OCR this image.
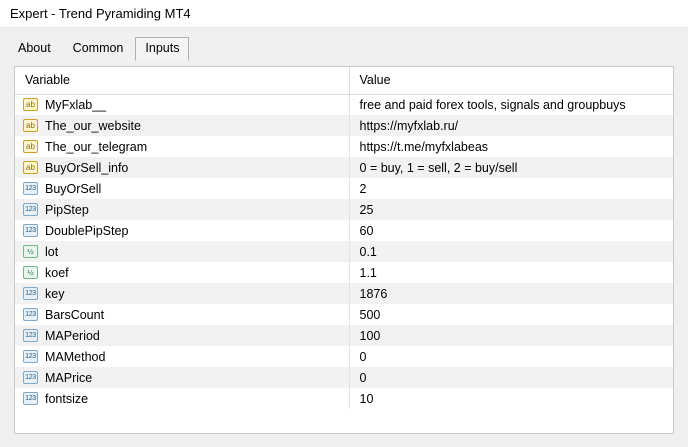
Expert - Trend Pyramiding MT4
About	Common	Inputs
Variable	Value

ab MyFxlab__	free and paid forex tools, signals and groupbuys

ab The_our_website	https://myfxlab.ru/

ab The_our_telegram	https://t.me/myfxlabeas

ab BuyOrSell_info	0 = buy, 1 = sell, 2 = buy/sell

123 BuyOrSell	2

123 PipStep	25

123 DoublePipStep	60

½ lot	0.1

½ koef	1.1

123 key	1876

123 BarsCount	500

123 MAPeriod	100

123 MAMethod	0

123 MAPrice	0

123 fontsize	10
